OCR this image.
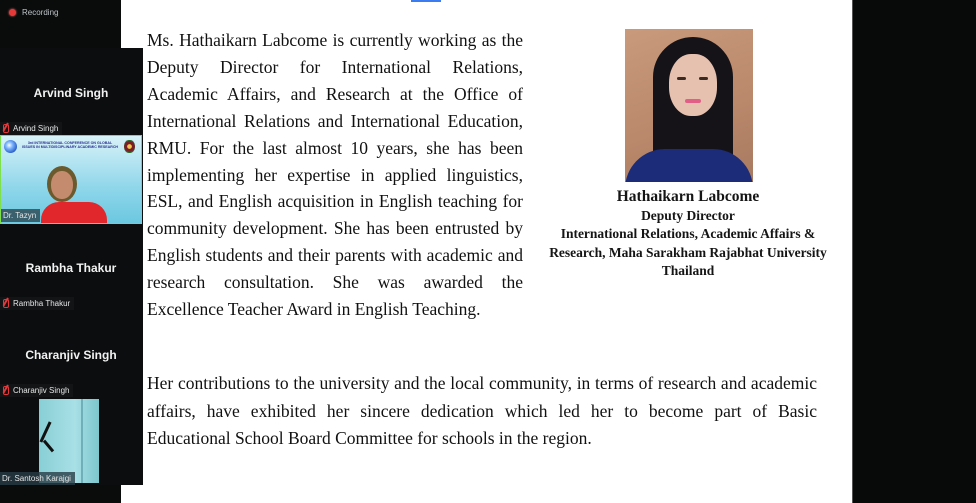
Recording
Arvind Singh
Arvind Singh
3rd INTERNATIONAL CONFERENCE ON GLOBAL ISSUES IN MULTIDISCIPLINARY ACADEMIC RESEARCH
Dr. Tazyn
Rambha Thakur
Rambha Thakur
Charanjiv Singh
Charanjiv Singh
Dr. Santosh Karajgi
Ms. Hathaikarn Labcome is currently working as the Deputy Director for International Relations, Academic Affairs, and Research at the Office of International Relations and International Education, RMU. For the last almost 10 years, she has been implementing her expertise in applied linguistics, ESL, and English acquisition in English teaching for community development. She has been entrusted by English students and their parents with academic and research consultation. She was awarded the Excellence Teacher Award in English Teaching.
Hathaikarn Labcome
Deputy Director
International Relations, Academic Affairs &
Research, Maha Sarakham Rajabhat University
Thailand
Her contributions to the university and the local community, in terms of research and academic affairs, have exhibited her sincere dedication which led her to become part of Basic Educational School Board Committee for schools in the region.
